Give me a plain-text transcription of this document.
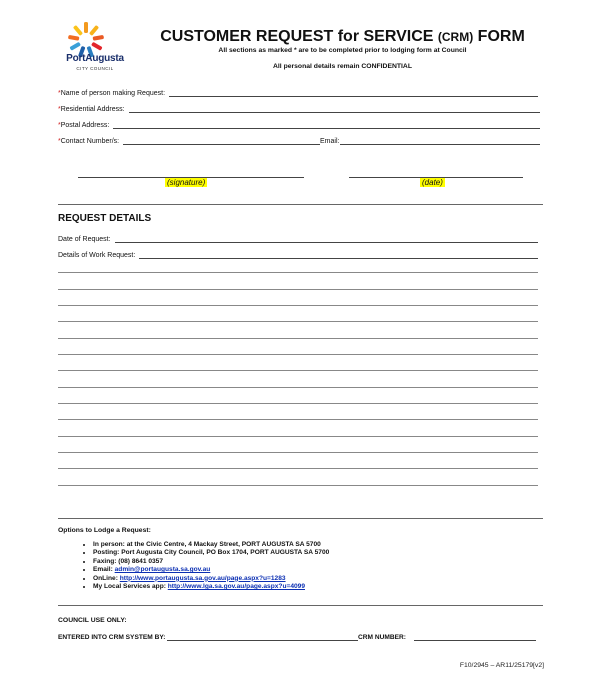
PortAugusta
CITY COUNCIL
CUSTOMER REQUEST for SERVICE (CRM) FORM
All sections as marked * are to be completed prior to lodging form at Council
All personal details remain CONFIDENTIAL
*Name of person making Request:
*Residential Address:
*Postal Address:
*Contact Number/s:	Email:
(signature)	(date)
REQUEST DETAILS
Date of Request:
Details of Work Request:
Options to Lodge a Request:
• In person: at the Civic Centre, 4 Mackay Street, PORT AUGUSTA SA 5700
• Posting: Port Augusta City Council, PO Box 1704, PORT AUGUSTA SA 5700
• Faxing: (08) 8641 0357
• Email: admin@portaugusta.sa.gov.au
• OnLine: http://www.portaugusta.sa.gov.au/page.aspx?u=1283
• My Local Services app: http://www.lga.sa.gov.au/page.aspx?u=4099
COUNCIL USE ONLY:
ENTERED INTO CRM SYSTEM BY:	CRM NUMBER:
F10/2945 – AR11/25179[v2]
